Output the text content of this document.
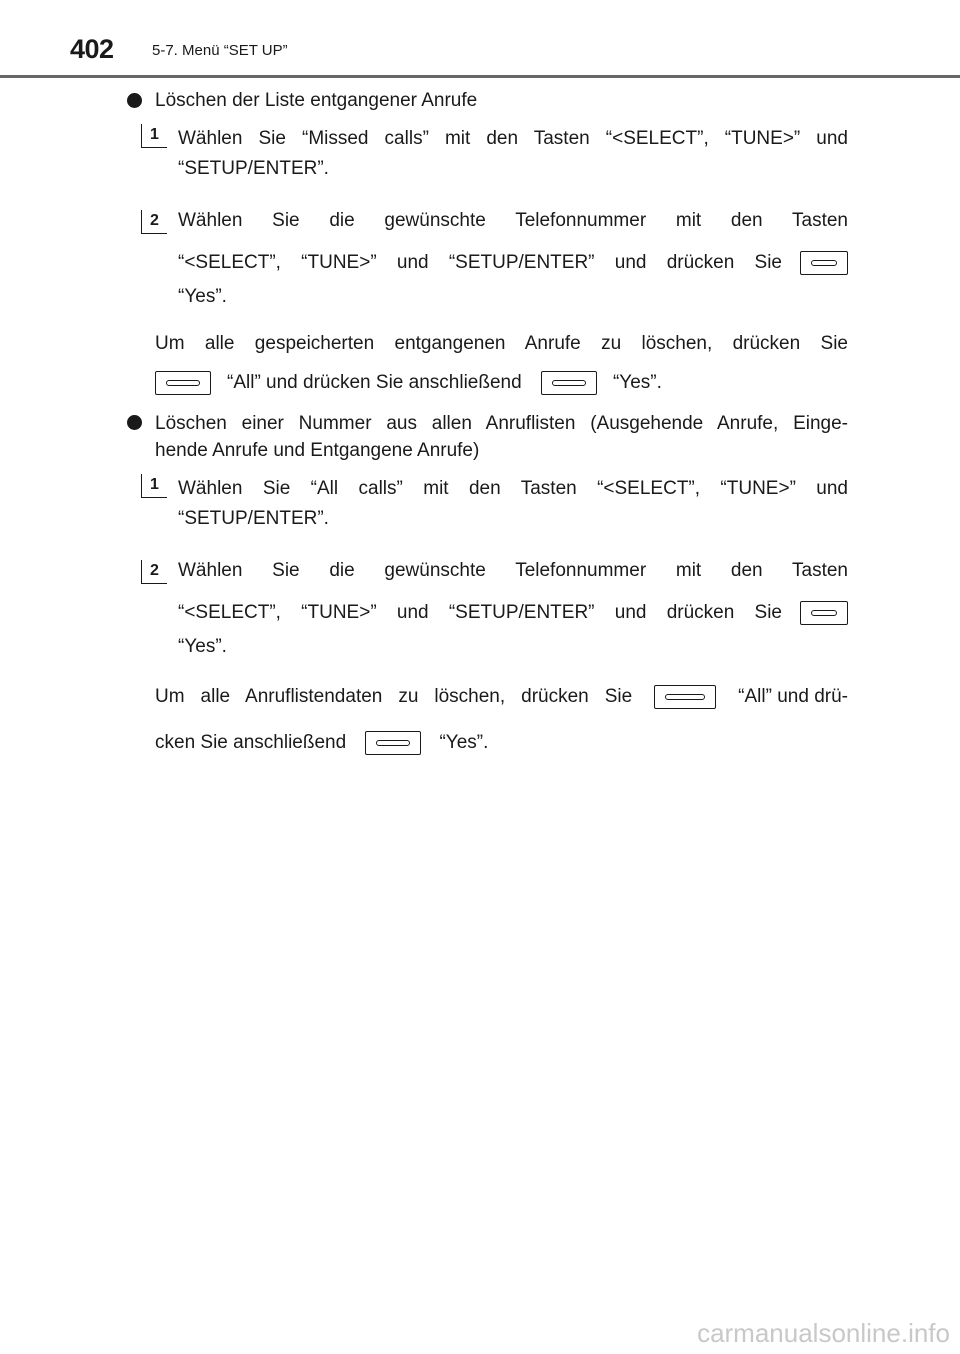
402	5-7. Menü “SET UP”
Löschen der Liste entgangener Anrufe
1	Wählen Sie “Missed calls” mit den Tasten “<SELECT”, “TUNE>” und
“SETUP/ENTER”.
2	Wählen Sie die gewünschte Telefonnummer mit den Tasten
“<SELECT”, “TUNE>” und “SETUP/ENTER” und drücken Sie
“Yes”.
Um alle gespeicherten entgangenen Anrufe zu löschen, drücken Sie
“All” und drücken Sie anschließend	“Yes”.
Löschen einer Nummer aus allen Anruflisten (Ausgehende Anrufe, Einge-
hende Anrufe und Entgangene Anrufe)
1	Wählen Sie “All calls” mit den Tasten “<SELECT”, “TUNE>” und
“SETUP/ENTER”.
2	Wählen Sie die gewünschte Telefonnummer mit den Tasten
“<SELECT”, “TUNE>” und “SETUP/ENTER” und drücken Sie
“Yes”.
Um alle Anruflistendaten zu löschen, drücken Sie	“All” und drü-
cken Sie anschließend	“Yes”.
carmanualsonline.info
